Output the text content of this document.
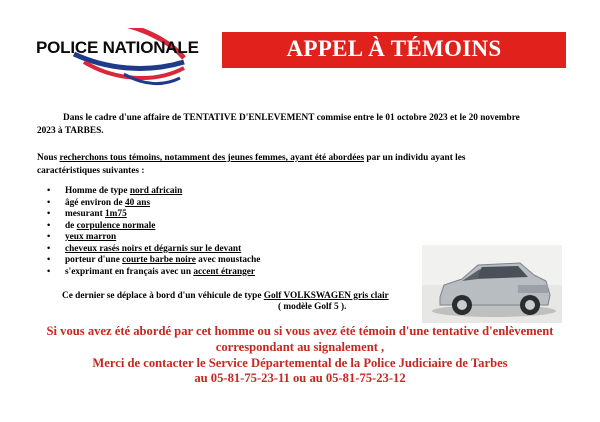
POLICE NATIONALE	APPEL À TÉMOINS
Dans le cadre d'une affaire de TENTATIVE D'ENLEVEMENT commise entre le 01 octobre 2023 et le 20 novembre
2023 à TARBES.
Nous recherchons tous témoins, notamment des jeunes femmes, ayant été abordées par un individu ayant les
caractéristiques suivantes :
• Homme de type nord africain
• âgé environ de 40 ans
• mesurant 1m75
• de corpulence normale
• yeux marron
• cheveux rasés noirs et dégarnis sur le devant
• porteur d'une courte barbe noire avec moustache
• s'exprimant en français avec un accent étranger
Ce dernier se déplace à bord d'un véhicule de type Golf VOLKSWAGEN gris clair
( modèle Golf 5 ).
Si vous avez été abordé par cet homme ou si vous avez été témoin d'une tentative d'enlèvement
correspondant au signalement ,
Merci de contacter le Service Départemental de la Police Judiciaire de Tarbes
au 05-81-75-23-11 ou au 05-81-75-23-12
